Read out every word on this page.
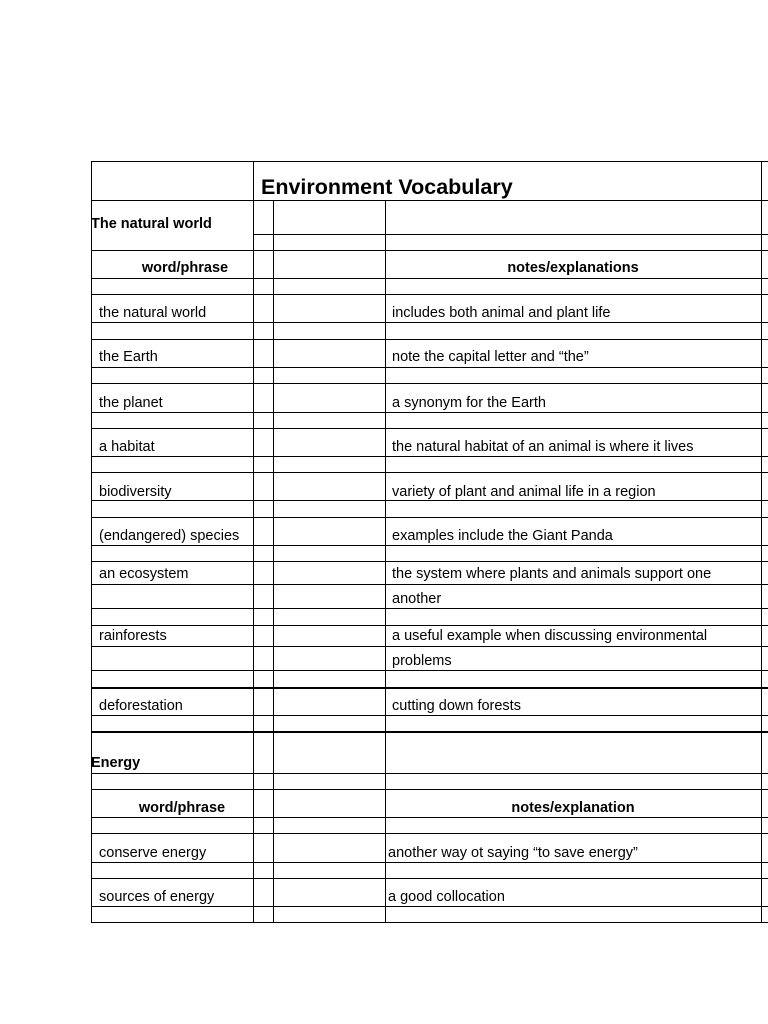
Environment Vocabulary
The natural world
word/phrase	notes/explanations
the natural world	includes both animal and plant life
the Earth	note the capital letter and “the”
the planet	a synonym for the Earth
a habitat	the natural habitat of an animal is where it lives
biodiversity	variety of plant and animal life in a region
(endangered) species	examples include the Giant Panda
an ecosystem	the system where plants and animals support one
another
rainforests	a useful example when discussing environmental
problems
deforestation	cutting down forests
Energy
word/phrase	notes/explanation
conserve energy	another way ot saying “to save energy”
sources of energy	a good collocation
